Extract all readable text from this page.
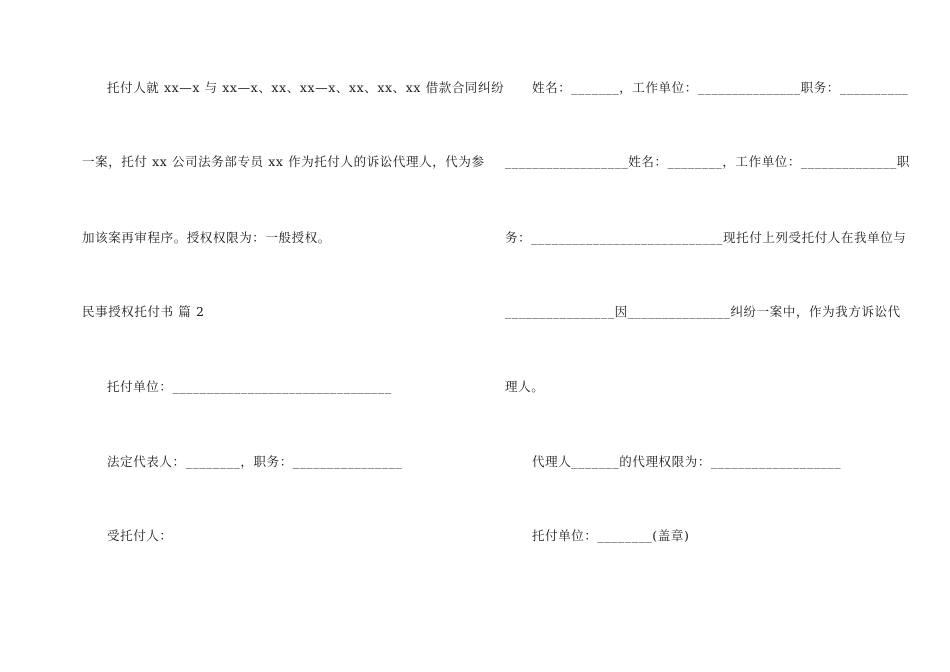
托付人就 xx—x 与 xx—x、xx、xx—x、xx、xx、xx 借款合同纠纷
一案，托付 xx 公司法务部专员 xx 作为托付人的诉讼代理人，代为参
加该案再审程序。授权权限为：一般授权。
民事授权托付书 篇 2
托付单位：________________________________
法定代表人：________，职务：________________
受托付人：
姓名：_______，工作单位：_______________职务：__________
__________________姓名：________，工作单位：______________职
务：____________________________现托付上列受托付人在我单位与
________________因_______________纠纷一案中，作为我方诉讼代
理人。
代理人_______的代理权限为：___________________
托付单位：________(盖章)
